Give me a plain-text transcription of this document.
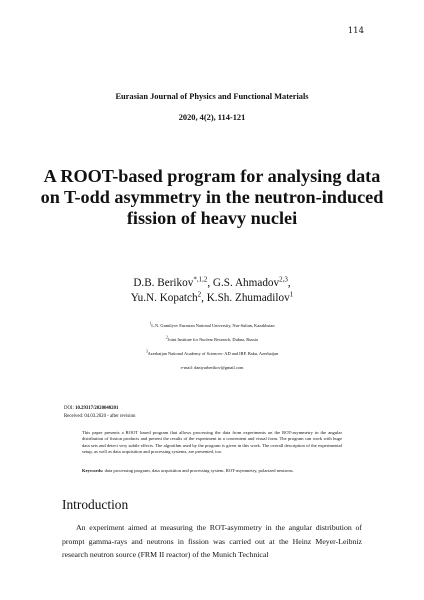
114
Eurasian Journal of Physics and Functional Materials
2020, 4(2), 114-121
A ROOT-based program for analysing data on T-odd asymmetry in the neutron-induced fission of heavy nuclei
D.B. Berikov$^{*,1,2}$, G.S. Ahmadov$^{2,3}$,
Yu.N. Kopatch$^2$, K.Sh. Zhumadilov$^1$
$^1$L.N. Gumilyov Eurasian National University, Nur-Sultan, Kazakhstan
$^2$Joint Institute for Nuclear Research, Dubna, Russia
$^3$Azerbaijan National Academy of Sciences- AD and IRP, Baku, Azerbaijan
e-mail: daniyarberikov@gmail.com
DOI: 10.29317/2020040201
Received: 04.03.2020 - after revision
This paper presents a ROOT based program that allows processing the data from experiments on the ROT-asymmetry in the angular distribution of fission products and present the results of the experiment in a convenient and visual form. The program can work with huge data sets and detect very subtle effects. The algorithm used by the program is given in this work. The overall description of the experimental setup, as well as data acquisition and processing systems, are presented, too.
Keywords: data processing program, data acquisition and processing system, ROT-asymmetry, polarized neutrons.
Introduction
An experiment aimed at measuring the ROT-asymmetry in the angular distribution of prompt gamma-rays and neutrons in fission was carried out at the Heinz Meyer-Leibniz research neutron source (FRM II reactor) of the Munich Technical
